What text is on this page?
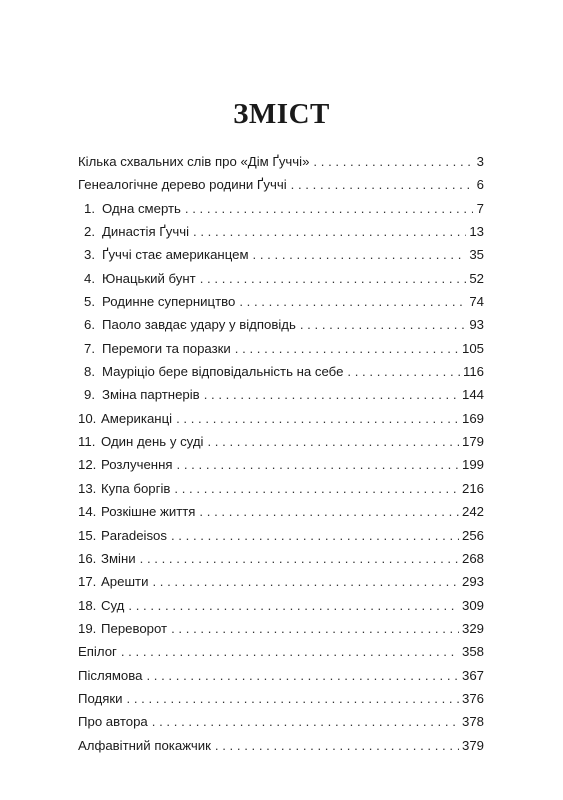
ЗМІСТ
Кілька схвальних слів про «Дім Ґуччі» . . .	3
Генеалогічне дерево родини Ґуччі . . .	6
1. Одна смерть . . .	7
2. Династія Ґуччі . . .	13
3. Ґуччі стає американцем . . .	35
4. Юнацький бунт . . .	52
5. Родинне суперництво . . .	74
6. Паоло завдає удару у відповідь . . .	93
7. Перемоги та поразки . . .	105
8. Мауріціо бере відповідальність на себе . . .	116
9. Зміна партнерів . . .	144
10. Американці . . .	169
11. Один день у суді . . .	179
12. Розлучення . . .	199
13. Купа боргів . . .	216
14. Розкішне життя . . .	242
15. Paradeisos . . .	256
16. Зміни . . .	268
17. Арешти . . .	293
18. Суд . . .	309
19. Переворот . . .	329
Епілог . . .	358
Післямова . . .	367
Подяки . . .	376
Про автора . . .	378
Алфавітний покажчик . . .	379
